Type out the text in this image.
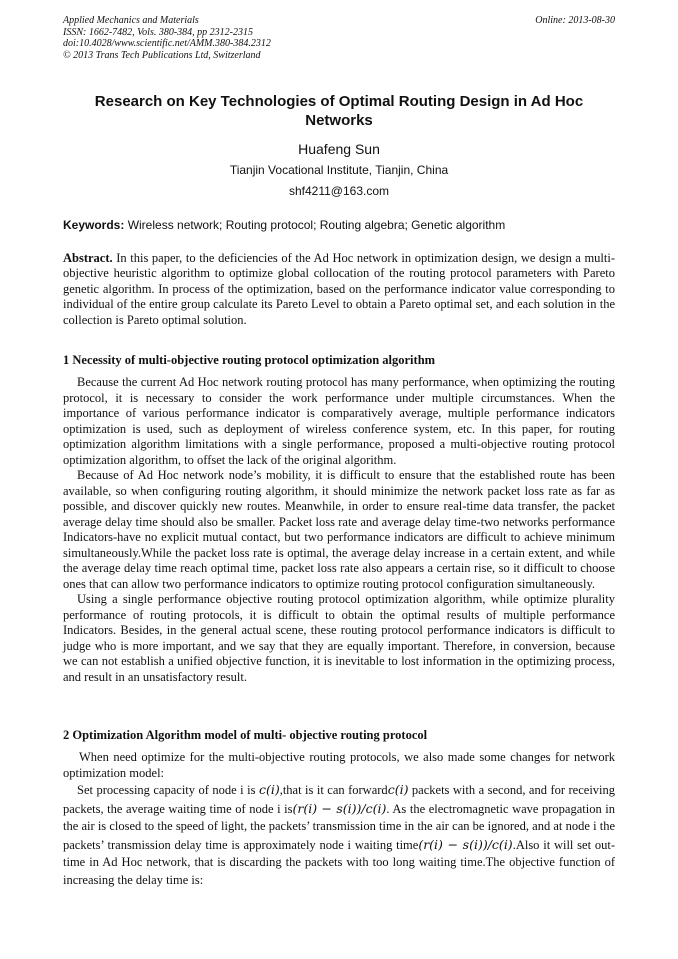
Applied Mechanics and Materials
ISSN: 1662-7482, Vols. 380-384, pp 2312-2315
doi:10.4028/www.scientific.net/AMM.380-384.2312
© 2013 Trans Tech Publications Ltd, Switzerland
Online: 2013-08-30
Research on Key Technologies of Optimal Routing Design in Ad Hoc Networks
Huafeng Sun
Tianjin Vocational Institute, Tianjin, China
shf4211@163.com
Keywords: Wireless network; Routing protocol; Routing algebra; Genetic algorithm
Abstract. In this paper, to the deficiencies of the Ad Hoc network in optimization design, we design a multi-objective heuristic algorithm to optimize global collocation of the routing protocol parameters with Pareto genetic algorithm. In process of the optimization, based on the performance indicator value corresponding to individual of the entire group calculate its Pareto Level to obtain a Pareto optimal set, and each solution in the collection is Pareto optimal solution.
1 Necessity of multi-objective routing protocol optimization algorithm

Because the current Ad Hoc network routing protocol has many performance, when optimizing the routing protocol, it is necessary to consider the work performance under multiple circumstances. When the importance of various performance indicator is comparatively average, multiple performance indicators optimization is used, such as deployment of wireless conference system, etc. In this paper, for routing optimization algorithm limitations with a single performance, proposed a multi-objective routing protocol optimization algorithm, to offset the lack of the original algorithm.

Because of Ad Hoc network node’s mobility, it is difficult to ensure that the established route has been available, so when configuring routing algorithm, it should minimize the network packet loss rate as far as possible, and discover quickly new routes. Meanwhile, in order to ensure real-time data transfer, the packet average delay time should also be smaller. Packet loss rate and average delay time-two networks performance Indicators-have no explicit mutual contact, but two performance indicators are difficult to achieve minimum simultaneously.While the packet loss rate is optimal, the average delay increase in a certain extent, and while the average delay time reach optimal time, packet loss rate also appears a certain rise, so it difficult to choose ones that can allow two performance indicators to optimize routing protocol configuration simultaneously.

Using a single performance objective routing protocol optimization algorithm, while optimize plurality performance of routing protocols, it is difficult to obtain the optimal results of multiple performance Indicators. Besides, in the general actual scene, these routing protocol performance indicators is difficult to judge who is more important, and we say that they are equally important. Therefore, in conversion, because we can not establish a unified objective function, it is inevitable to lost information in the optimizing process, and result in an unsatisfactory result.

2 Optimization Algorithm model of multi- objective routing protocol

When need optimize for the multi-objective routing protocols, we also made some changes for network optimization model:

Set processing capacity of node i is c(i),that is it can forwardc(i) packets with a second, and for receiving packets, the average waiting time of node i is(r(i) − s(i))/c(i). As the electromagnetic wave propagation in the air is closed to the speed of light, the packets’ transmission time in the air can be ignored, and at node i the packets’ transmission delay time is approximately node i waiting time(r(i) − s(i))/c(i).Also it will set out-time in Ad Hoc network, that is discarding the packets with too long waiting time.The objective function of increasing the delay time is:
